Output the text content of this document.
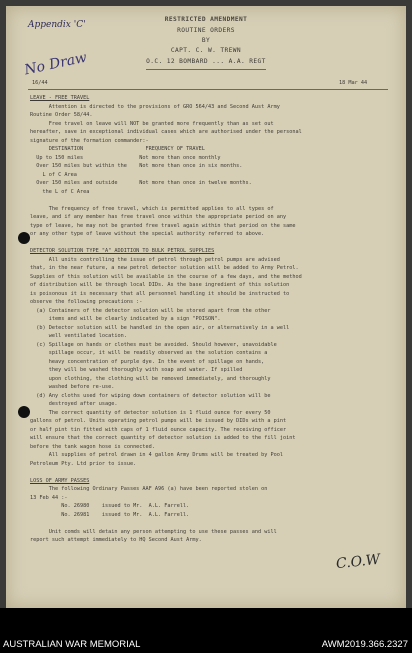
Appendix 'C'
No Draw
RESTRICTED AMENDMENT
ROUTINE ORDERS
BY
CAPT. C. W. TREWN
O.C. 12 BOMBARD ... A.A. REGT
16/44	18 Mar 44
LEAVE - FREE TRAVEL
Attention is directed to the provisions of GRO 564/43 and Second Aust Army
Routine Order 58/44.
Free travel on leave will NOT be granted more frequently than as set out
hereafter, save in exceptional individual cases which are authorised under the personal
signature of the formation commander:-
DESTINATION                    FREQUENCY OF TRAVEL
Up to 150 miles                  Not more than once monthly
Over 150 miles but within the    Not more than once in six months.
L of C Area
Over 150 miles and outside       Not more than once in twelve months.
the L of C Area
The frequency of free travel, which is permitted applies to all types of
leave, and if any member has free travel once within the appropriate period on any
type of leave, he may not be granted free travel again within that period on the same
or any other type of leave without the special authority referred to above.
DETECTOR SOLUTION TYPE "A" ADDITION TO BULK PETROL SUPPLIES
All units controlling the issue of petrol through petrol pumps are advised
that, in the near future, a new petrol detector solution will be added to Army Petrol.
Supplies of this solution will be available in the course of a few days, and the method
of distribution will be through local DIDs. As the base ingredient of this solution
is poisonous it is necessary that all personnel handling it should be instructed to
observe the following precautions :-
(a) Containers of the detector solution will be stored apart from the other
items and will be clearly indicated by a sign "POISON".
(b) Detector solution will be handled in the open air, or alternatively in a well
well ventilated location.
(c) Spillage on hands or clothes must be avoided. Should however, unavoidable
spillage occur, it will be readily observed as the solution contains a
heavy concentration of purple dye. In the event of spillage on hands,
they will be washed thoroughly with soap and water. If spilled
upon clothing, the clothing will be removed immediately, and thoroughly
washed before re-use.
(d) Any cloths used for wiping down containers of detector solution will be
destroyed after usage.
The correct quantity of detector solution is 1 fluid ounce for every 50
gallons of petrol. Units operating petrol pumps will be issued by DIDs with a pint
or half pint tin fitted with caps of 1 fluid ounce capacity. The receiving officer
will ensure that the correct quantity of detector solution is added to the fill joint
before the tank wagon hose is connected.
All supplies of petrol drawn in 4 gallon Army Drums will be treated by Pool
Petroleum Pty. Ltd prior to issue.
LOSS OF ARMY PASSES
The following Ordinary Passes AAF A96 (a) have been reported stolen on
13 Feb 44 :-
No. 26980    issued to Mr.  A.L. Farrell.
No. 26981    issued to Mr.  A.L. Farrell.
Unit comds will detain any person attempting to use these passes and will
report such attempt immediately to HQ Second Aust Army.
C.O.W
AUSTRALIAN WAR MEMORIAL	AWM2019.366.2327
